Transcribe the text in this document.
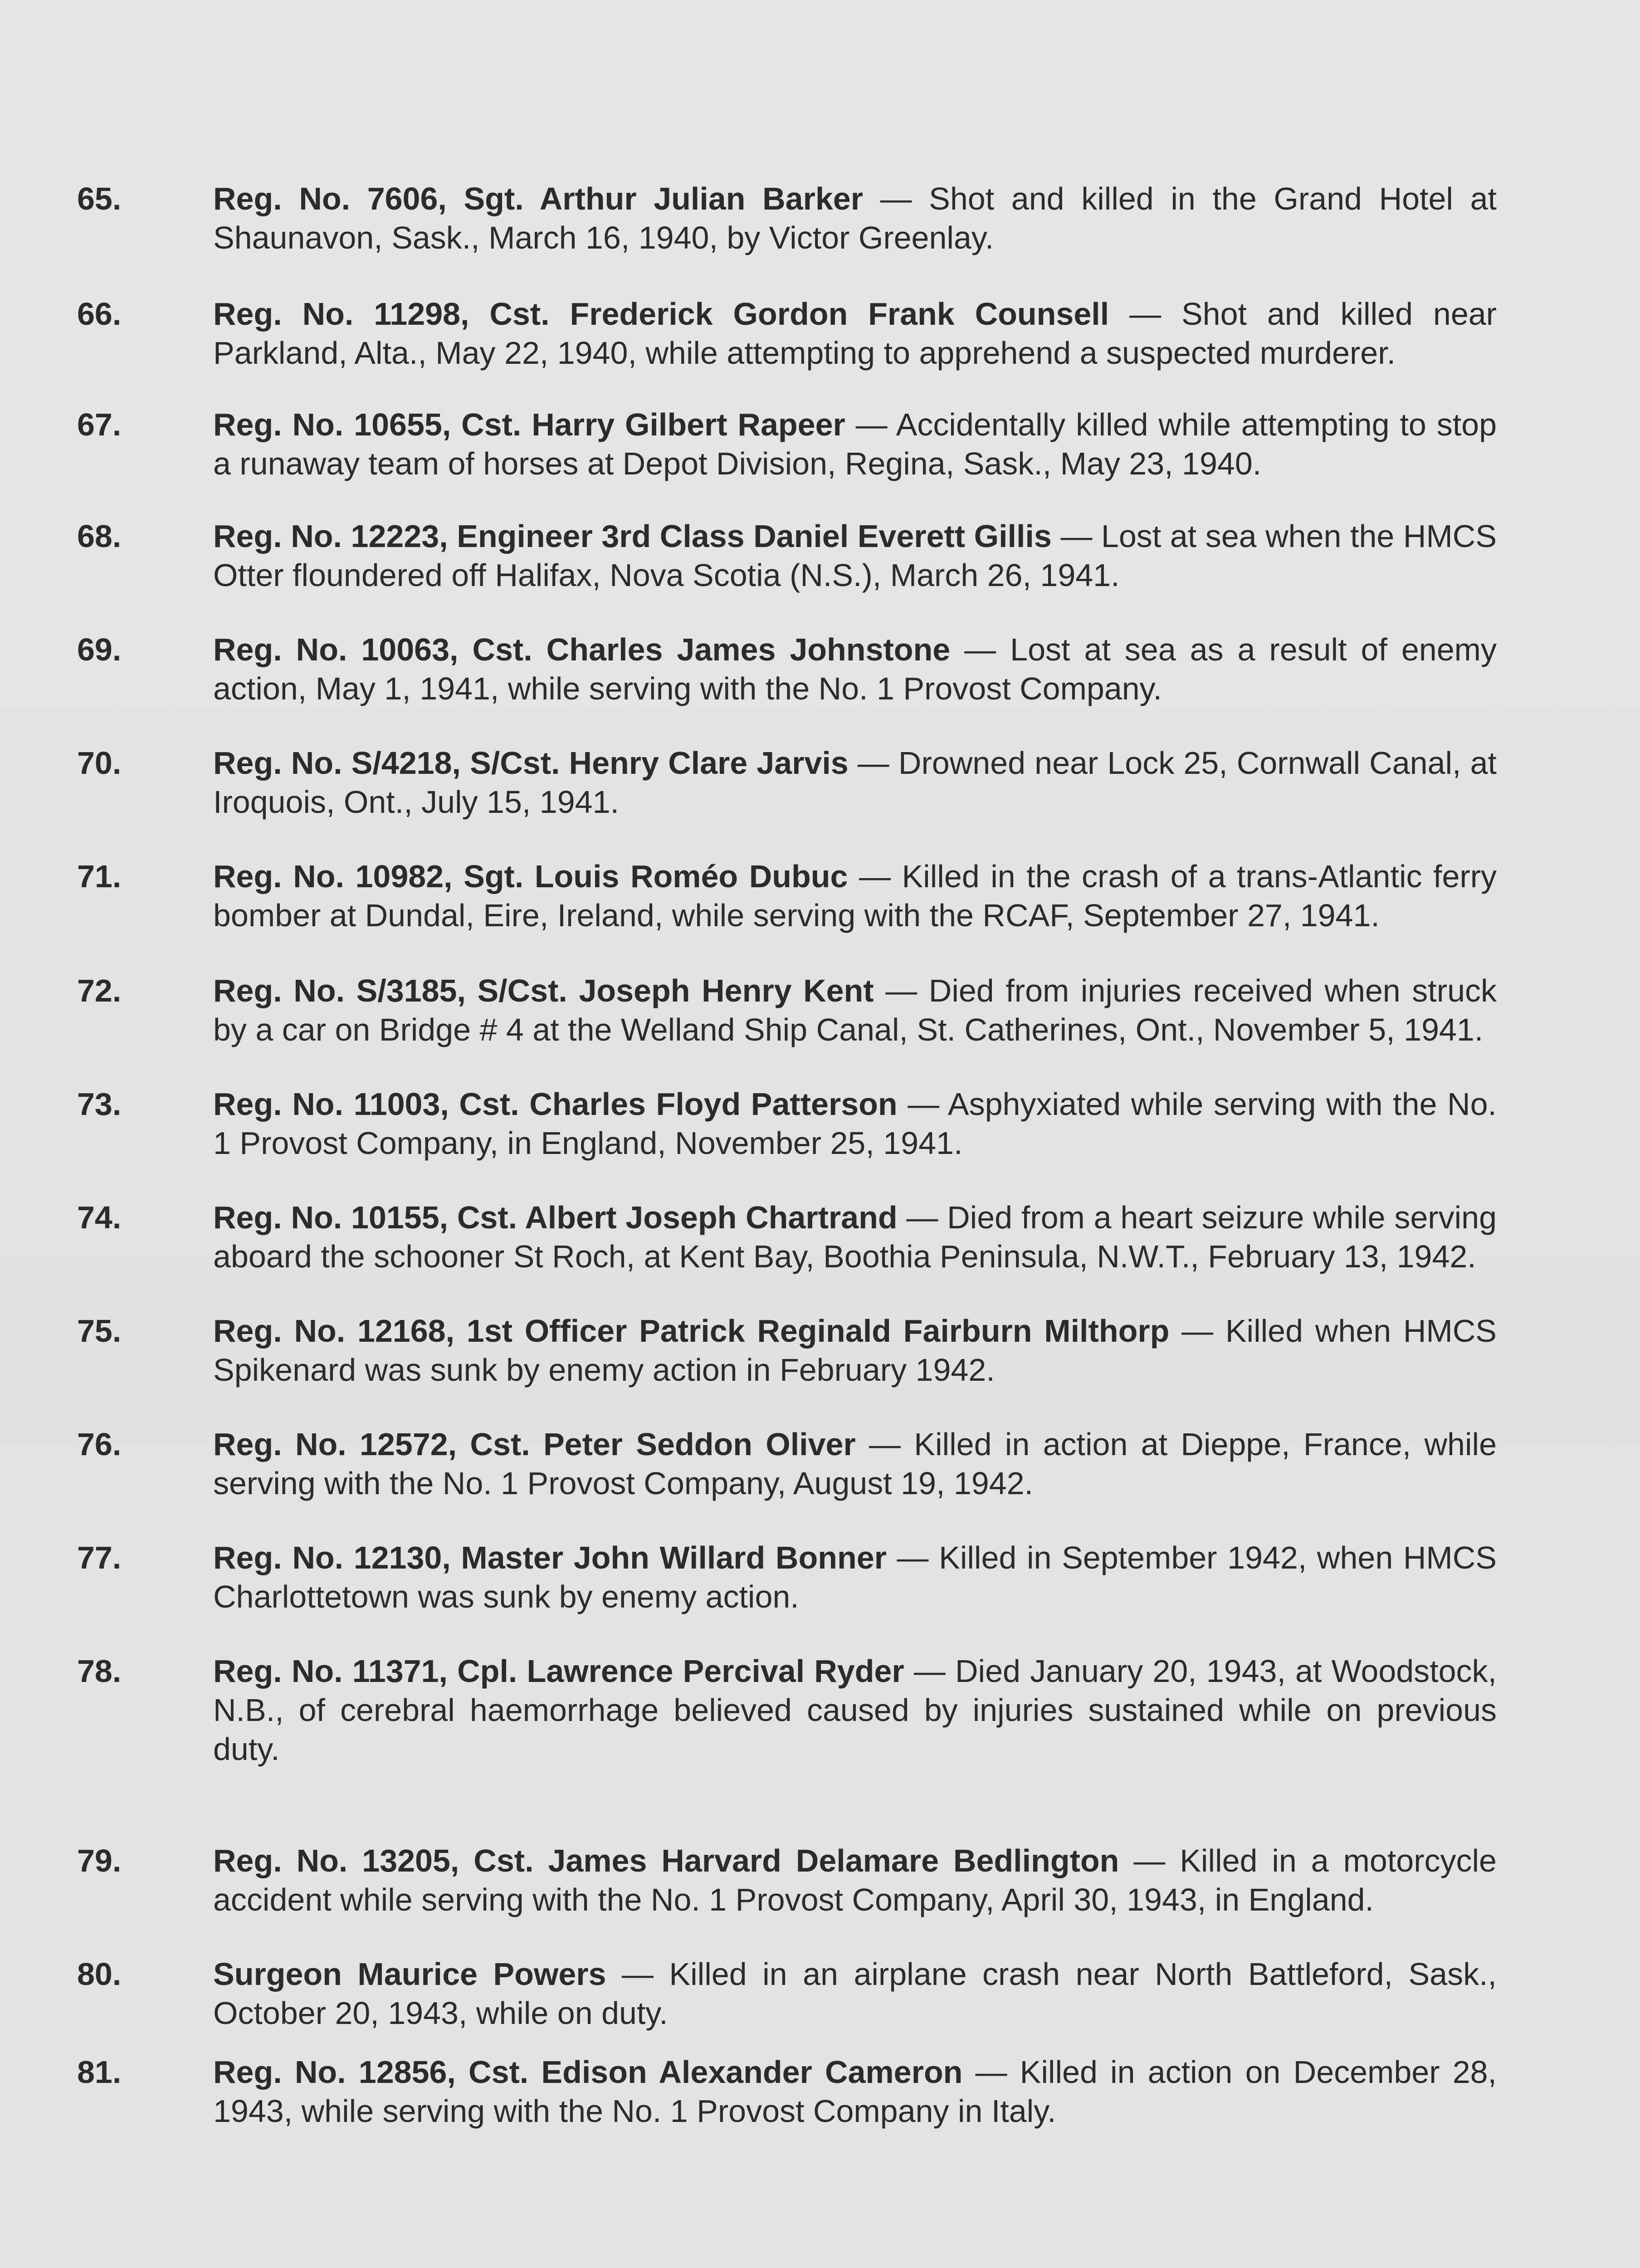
65.	Reg. No. 7606, Sgt. Arthur Julian Barker — Shot and killed in the Grand Hotel at Shaunavon, Sask., March 16, 1940, by Victor Greenlay.
66.	Reg. No. 11298, Cst. Frederick Gordon Frank Counsell — Shot and killed near Parkland, Alta., May 22, 1940, while attempting to apprehend a suspected murderer.
67.	Reg. No. 10655, Cst. Harry Gilbert Rapeer — Accidentally killed while attempting to stop a runaway team of horses at Depot Division, Regina, Sask., May 23, 1940.
68.	Reg. No. 12223, Engineer 3rd Class Daniel Everett Gillis — Lost at sea when the HMCS Otter floundered off Halifax, Nova Scotia (N.S.), March 26, 1941.
69.	Reg. No. 10063, Cst. Charles James Johnstone — Lost at sea as a result of enemy action, May 1, 1941, while serving with the No. 1 Provost Company.
70.	Reg. No. S/4218, S/Cst. Henry Clare Jarvis — Drowned near Lock 25, Cornwall Canal, at Iroquois, Ont., July 15, 1941.
71.	Reg. No. 10982, Sgt. Louis Roméo Dubuc — Killed in the crash of a trans-Atlantic ferry bomber at Dundal, Eire, Ireland, while serving with the RCAF, September 27, 1941.
72.	Reg. No. S/3185, S/Cst. Joseph Henry Kent — Died from injuries received when struck by a car on Bridge # 4 at the Welland Ship Canal, St. Catherines, Ont., November 5, 1941.
73.	Reg. No. 11003, Cst. Charles Floyd Patterson — Asphyxiated while serving with the No. 1 Provost Company, in England, November 25, 1941.
74.	Reg. No. 10155, Cst. Albert Joseph Chartrand — Died from a heart seizure while serving aboard the schooner St Roch, at Kent Bay, Boothia Peninsula, N.W.T., February 13, 1942.
75.	Reg. No. 12168, 1st Officer Patrick Reginald Fairburn Milthorp — Killed when HMCS Spikenard was sunk by enemy action in February 1942.
76.	Reg. No. 12572, Cst. Peter Seddon Oliver — Killed in action at Dieppe, France, while serving with the No. 1 Provost Company, August 19, 1942.
77.	Reg. No. 12130, Master John Willard Bonner — Killed in September 1942, when HMCS Charlottetown was sunk by enemy action.
78.	Reg. No. 11371, Cpl. Lawrence Percival Ryder — Died January 20, 1943, at Woodstock, N.B., of cerebral haemorrhage believed caused by injuries sustained while on previous duty.
79.	Reg. No. 13205, Cst. James Harvard Delamare Bedlington — Killed in a motorcycle accident while serving with the No. 1 Provost Company, April 30, 1943, in England.
80.	Surgeon Maurice Powers — Killed in an airplane crash near North Battleford, Sask., October 20, 1943, while on duty.
81.	Reg. No. 12856, Cst. Edison Alexander Cameron — Killed in action on December 28, 1943, while serving with the No. 1 Provost Company in Italy.
